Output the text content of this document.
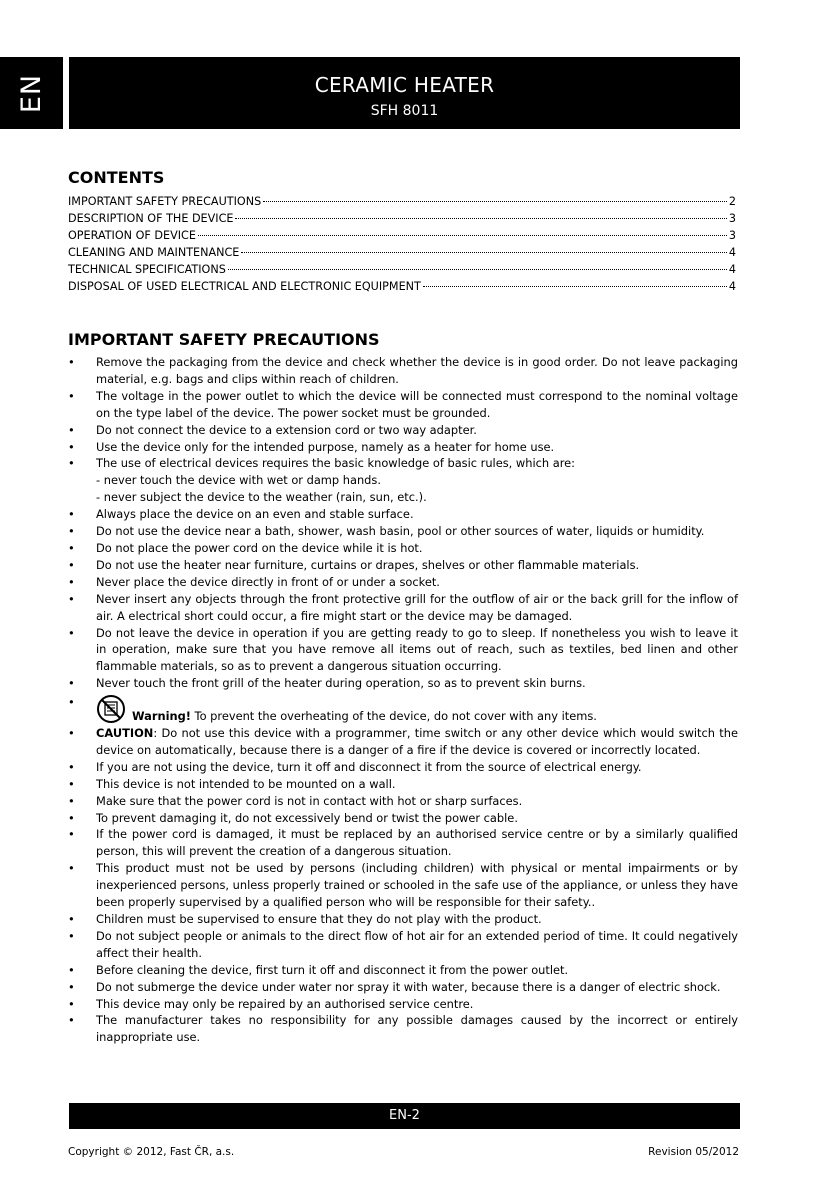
EN	CERAMIC HEATER
SFH 8011
CONTENTS
IMPORTANT SAFETY PRECAUTIONS	2
DESCRIPTION OF THE DEVICE	3
OPERATION OF DEVICE	3
CLEANING AND MAINTENANCE	4
TECHNICAL SPECIFICATIONS	4
DISPOSAL OF USED ELECTRICAL AND ELECTRONIC EQUIPMENT	4
IMPORTANT SAFETY PRECAUTIONS
• Remove the packaging from the device and check whether the device is in good order. Do not leave packaging material, e.g. bags and clips within reach of children.
• The voltage in the power outlet to which the device will be connected must correspond to the nominal voltage on the type label of the device. The power socket must be grounded.
• Do not connect the device to a extension cord or two way adapter.
• Use the device only for the intended purpose, namely as a heater for home use.
• The use of electrical devices requires the basic knowledge of basic rules, which are:
- never touch the device with wet or damp hands.
- never subject the device to the weather (rain, sun, etc.).
• Always place the device on an even and stable surface.
• Do not use the device near a bath, shower, wash basin, pool or other sources of water, liquids or humidity.
• Do not place the power cord on the device while it is hot.
• Do not use the heater near furniture, curtains or drapes, shelves or other flammable materials.
• Never place the device directly in front of or under a socket.
• Never insert any objects through the front protective grill for the outflow of air or the back grill for the inflow of air. A electrical short could occur, a fire might start or the device may be damaged.
• Do not leave the device in operation if you are getting ready to go to sleep. If nonetheless you wish to leave it in operation, make sure that you have remove all items out of reach, such as textiles, bed linen and other flammable materials, so as to prevent a dangerous situation occurring.
• Never touch the front grill of the heater during operation, so as to prevent skin burns.
• Warning! To prevent the overheating of the device, do not cover with any items.
• CAUTION: Do not use this device with a programmer, time switch or any other device which would switch the device on automatically, because there is a danger of a fire if the device is covered or incorrectly located.
• If you are not using the device, turn it off and disconnect it from the source of electrical energy.
• This device is not intended to be mounted on a wall.
• Make sure that the power cord is not in contact with hot or sharp surfaces.
• To prevent damaging it, do not excessively bend or twist the power cable.
• If the power cord is damaged, it must be replaced by an authorised service centre or by a similarly qualified person, this will prevent the creation of a dangerous situation.
• This product must not be used by persons (including children) with physical or mental impairments or by inexperienced persons, unless properly trained or schooled in the safe use of the appliance, or unless they have been properly supervised by a qualified person who will be responsible for their safety..
• Children must be supervised to ensure that they do not play with the product.
• Do not subject people or animals to the direct flow of hot air for an extended period of time. It could negatively affect their health.
• Before cleaning the device, first turn it off and disconnect it from the power outlet.
• Do not submerge the device under water nor spray it with water, because there is a danger of electric shock.
• This device may only be repaired by an authorised service centre.
• The manufacturer takes no responsibility for any possible damages caused by the incorrect or entirely inappropriate use.
EN-2
Copyright © 2012, Fast ČR, a.s.	Revision 05/2012
